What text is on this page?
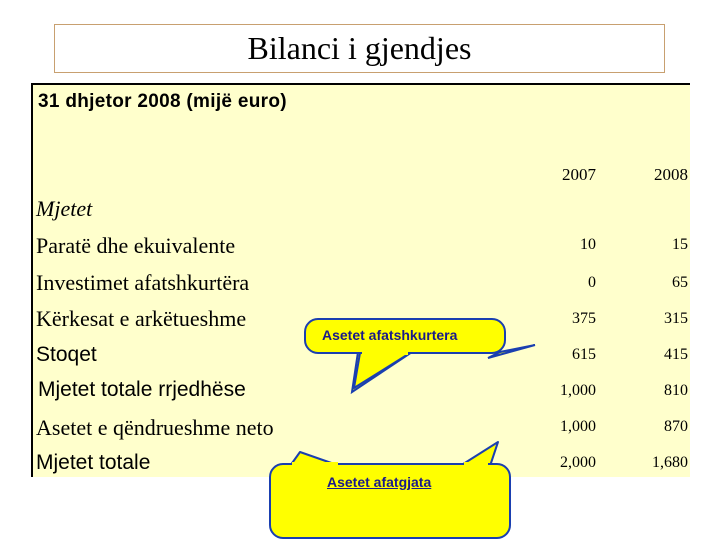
Bilanci i gjendjes
31 dhjetor 2008 (mijë euro)
2007	2008
Mjetet
Paratë dhe ekuivalente
Investimet afatshkurtëra
Kërkesat e arkëtueshme
Stoqet
Mjetet totale rrjedhëse
Asetet e qëndrueshme neto
Mjetet totale
10
0
375
615
1,000
1,000
2,000
15
65
315
415
810
870
1,680
Asetet afatshkurtera
Asetet afatgjata
